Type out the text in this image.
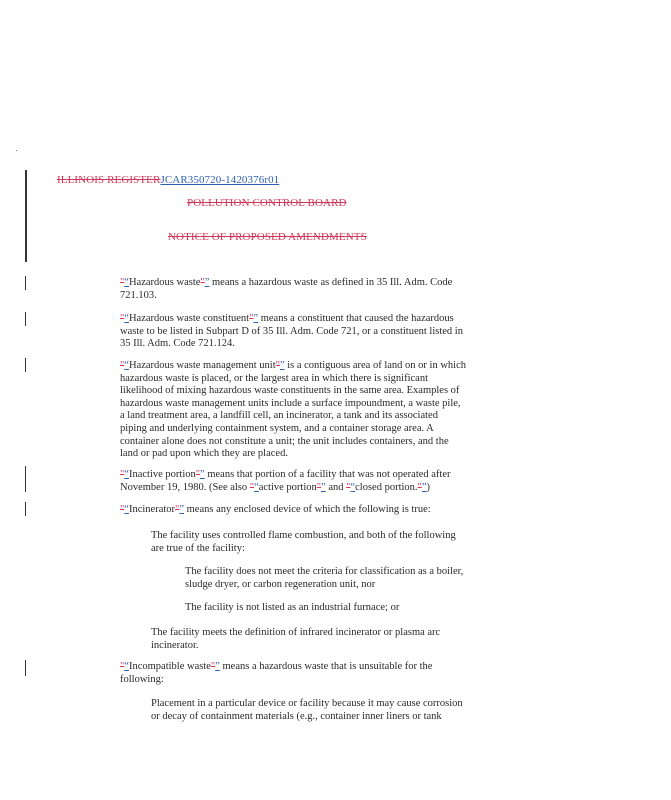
ILLINOIS REGISTERJCAR350720-1420376r01
POLLUTION CONTROL BOARD
NOTICE OF PROPOSED AMENDMENTS
"“Hazardous waste"” means a hazardous waste as defined in 35 Ill. Adm. Code
721.103.
"“Hazardous waste constituent"” means a constituent that caused the hazardous
waste to be listed in Subpart D of 35 Ill. Adm. Code 721, or a constituent listed in
35 Ill. Adm. Code 721.124.
"“Hazardous waste management unit"” is a contiguous area of land on or in which
hazardous waste is placed, or the largest area in which there is significant
likelihood of mixing hazardous waste constituents in the same area. Examples of
hazardous waste management units include a surface impoundment, a waste pile,
a land treatment area, a landfill cell, an incinerator, a tank and its associated
piping and underlying containment system, and a container storage area. A
container alone does not constitute a unit; the unit includes containers, and the
land or pad upon which they are placed.
"“Inactive portion"” means that portion of a facility that was not operated after
November 19, 1980. (See also "“active portion"” and "“closed portion."”)
"“Incinerator"” means any enclosed device of which the following is true:
The facility uses controlled flame combustion, and both of the following
are true of the facility:
The facility does not meet the criteria for classification as a boiler,
sludge dryer, or carbon regeneration unit, nor
The facility is not listed as an industrial furnace; or
The facility meets the definition of infrared incinerator or plasma arc
incinerator.
"“Incompatible waste"” means a hazardous waste that is unsuitable for the
following:
Placement in a particular device or facility because it may cause corrosion
or decay of containment materials (e.g., container inner liners or tank
